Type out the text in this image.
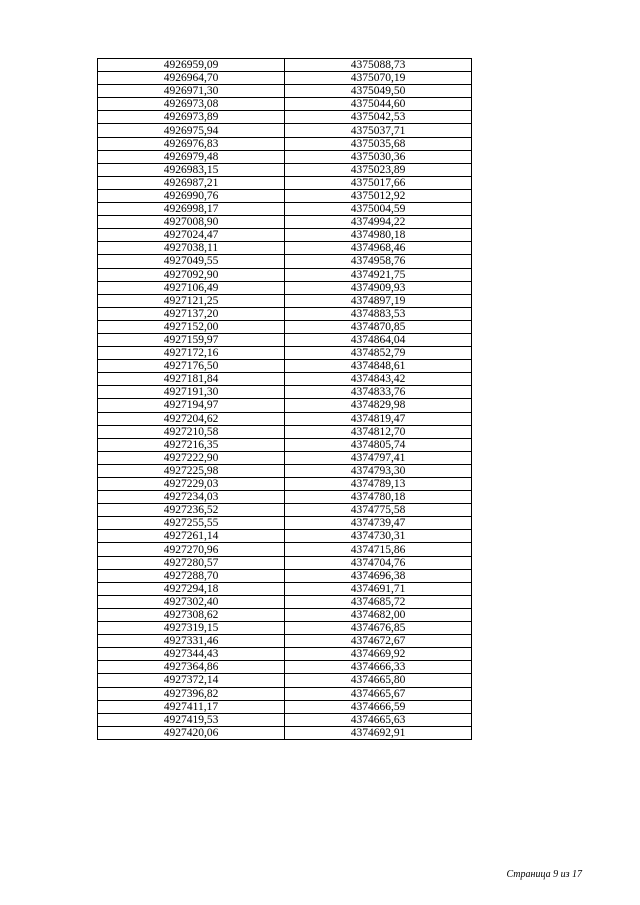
4926959,09	4375088,73
4926964,70	4375070,19
4926971,30	4375049,50
4926973,08	4375044,60
4926973,89	4375042,53
4926975,94	4375037,71
4926976,83	4375035,68
4926979,48	4375030,36
4926983,15	4375023,89
4926987,21	4375017,66
4926990,76	4375012,92
4926998,17	4375004,59
4927008,90	4374994,22
4927024,47	4374980,18
4927038,11	4374968,46
4927049,55	4374958,76
4927092,90	4374921,75
4927106,49	4374909,93
4927121,25	4374897,19
4927137,20	4374883,53
4927152,00	4374870,85
4927159,97	4374864,04
4927172,16	4374852,79
4927176,50	4374848,61
4927181,84	4374843,42
4927191,30	4374833,76
4927194,97	4374829,98
4927204,62	4374819,47
4927210,58	4374812,70
4927216,35	4374805,74
4927222,90	4374797,41
4927225,98	4374793,30
4927229,03	4374789,13
4927234,03	4374780,18
4927236,52	4374775,58
4927255,55	4374739,47
4927261,14	4374730,31
4927270,96	4374715,86
4927280,57	4374704,76
4927288,70	4374696,38
4927294,18	4374691,71
4927302,40	4374685,72
4927308,62	4374682,00
4927319,15	4374676,85
4927331,46	4374672,67
4927344,43	4374669,92
4927364,86	4374666,33
4927372,14	4374665,80
4927396,82	4374665,67
4927411,17	4374666,59
4927419,53	4374665,63
4927420,06	4374692,91
Страница 9 из 17
